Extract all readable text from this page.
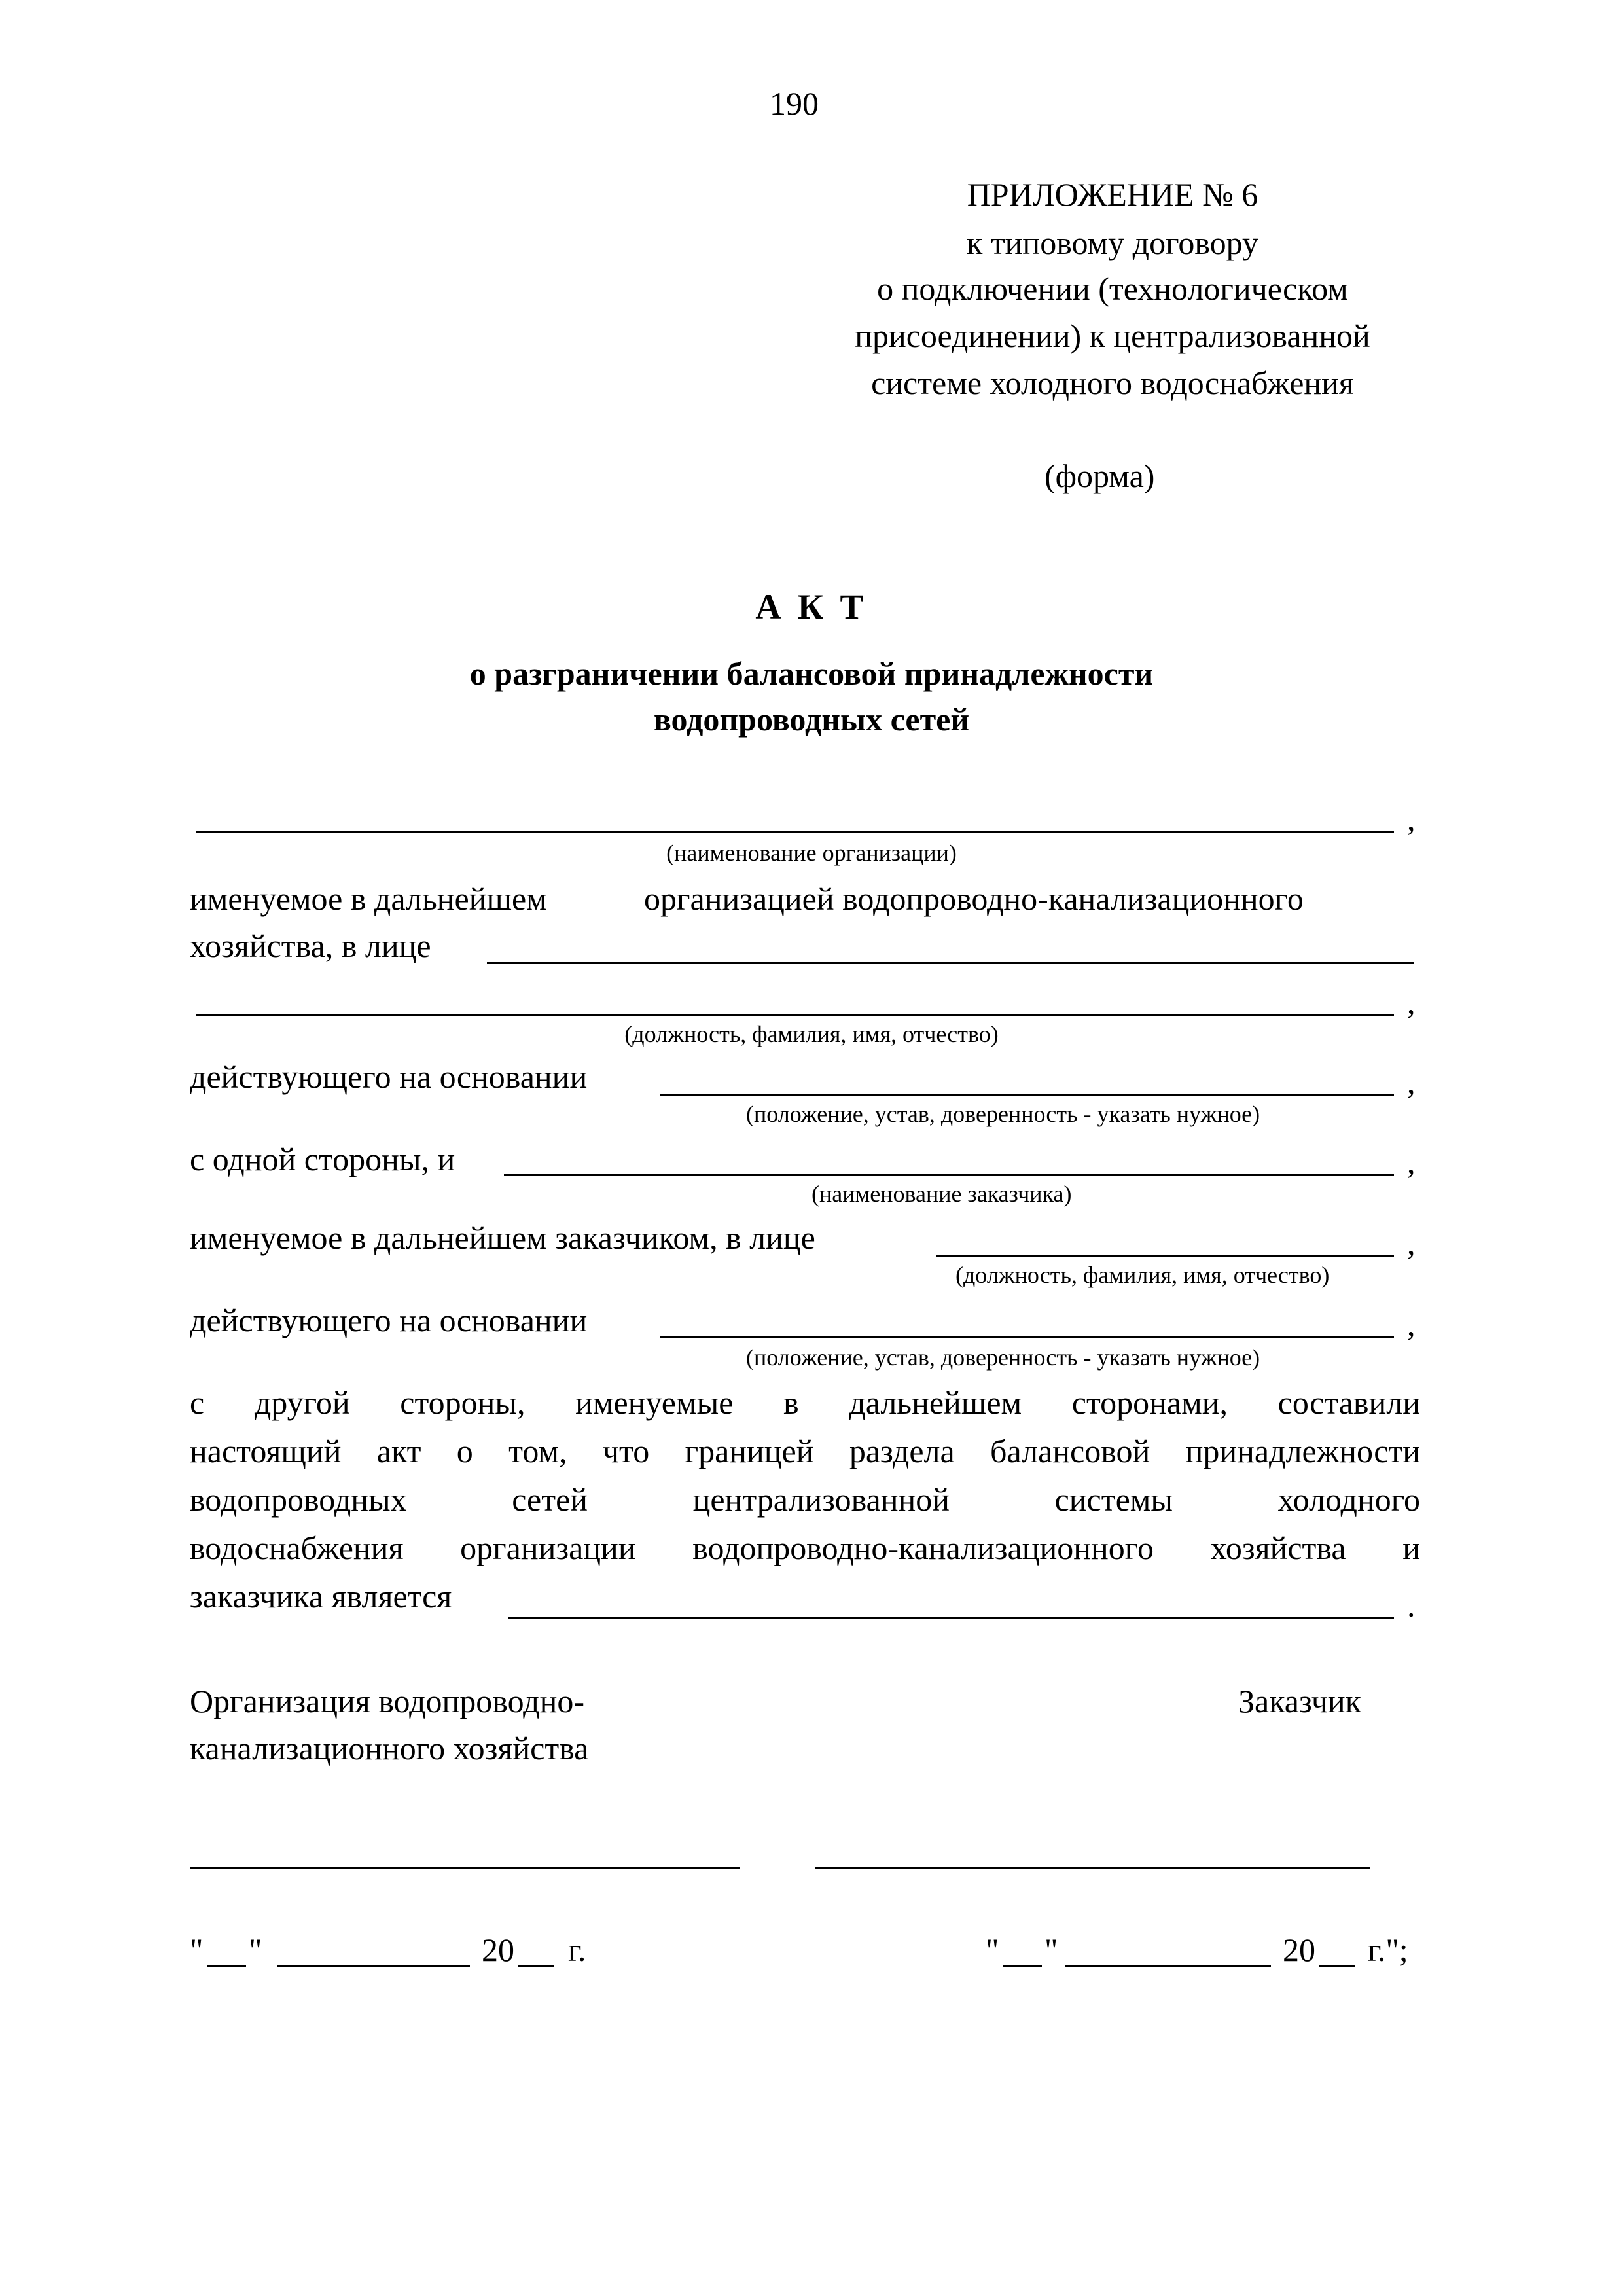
190
ПРИЛОЖЕНИЕ № 6
к типовому договору
о подключении (технологическом
присоединении) к централизованной
системе холодного водоснабжения
(форма)
А К Т
о разграничении балансовой принадлежности
водопроводных сетей
,
(наименование организации)
именуемое в дальнейшем	организацией водопроводно-канализационного
хозяйства, в лице
,
(должность, фамилия, имя, отчество)
действующего на основании	,
(положение, устав, доверенность - указать нужное)
с одной стороны, и	,
(наименование заказчика)
именуемое в дальнейшем заказчиком, в лице	,
(должность, фамилия, имя, отчество)
действующего на основании	,
(положение, устав, доверенность - указать нужное)
с другой стороны, именуемые в дальнейшем сторонами, составили
настоящий акт о том, что границей раздела балансовой принадлежности
водопроводных сетей централизованной системы холодного
водоснабжения организации водопроводно-канализационного хозяйства и
заказчика является	.
Организация водопроводно-
канализационного хозяйства
Заказчик
" "	20 г.	" "	20 г.";
